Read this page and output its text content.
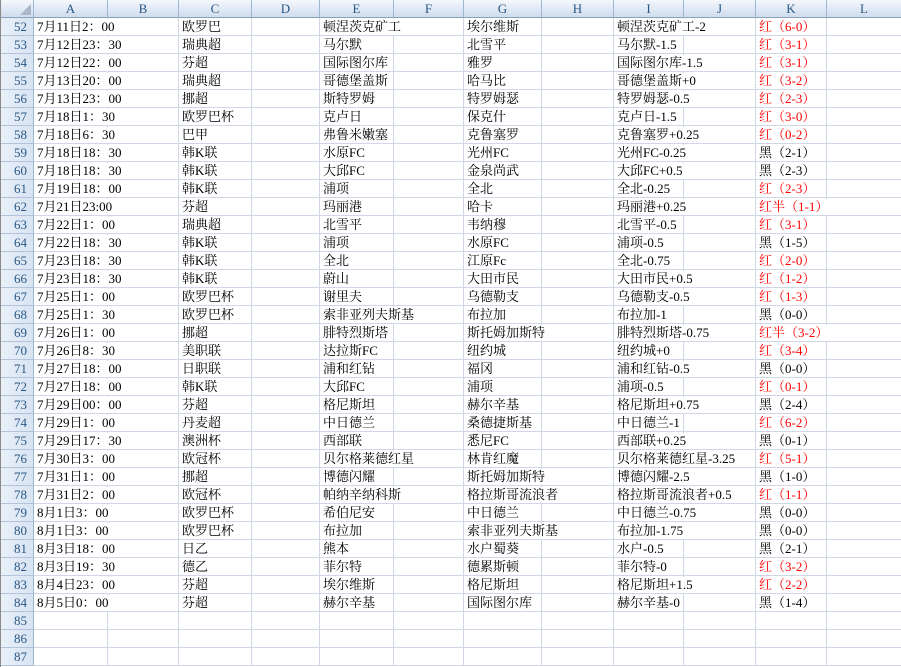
	A	B	C	D	E	F	G	H	I	J	K	L
52	7月11日2：00		欧罗巴		顿涅茨克矿工		埃尔维斯		顿涅茨克矿工-2		红（6-0）	

53	7月12日23：30		瑞典超		马尔默		北雪平		马尔默-1.5		红（3-1）	

54	7月12日22：00		芬超		国际图尔库		雅罗		国际图尔库-1.5		红（3-1）	

55	7月13日20：00		瑞典超		哥德堡盖斯		哈马比		哥德堡盖斯+0		红（3-2）	

56	7月13日23：00		挪超		斯特罗姆		特罗姆瑟		特罗姆瑟-0.5		红（2-3）	

57	7月18日1：30		欧罗巴杯		克卢日		保克什		克卢日-1.5		红（3-0）	

58	7月18日6：30		巴甲		弗鲁米嫩塞		克鲁塞罗		克鲁塞罗+0.25		红（0-2）	

59	7月18日18：30		韩K联		水原FC		光州FC		光州FC-0.25		黑（2-1）	

60	7月18日18：30		韩K联		大邱FC		金泉尚武		大邱FC+0.5		黑（2-3）	

61	7月19日18：00		韩K联		浦项		全北		全北-0.25		红（2-3）	

62	7月21日23:00		芬超		玛丽港		哈卡		玛丽港+0.25		红半（1-1）	

63	7月22日1：00		瑞典超		北雪平		韦纳穆		北雪平-0.5		红（3-1）	

64	7月22日18：30		韩K联		浦项		水原FC		浦项-0.5		黑（1-5）	

65	7月23日18：30		韩K联		全北		江原Fc		全北-0.75		红（2-0）	

66	7月23日18：30		韩K联		蔚山		大田市民		大田市民+0.5		红（1-2）	

67	7月25日1：00		欧罗巴杯		谢里夫		乌德勒支		乌德勒支-0.5		红（1-3）	

68	7月25日1：30		欧罗巴杯		索非亚列夫斯基		布拉加		布拉加-1		黑（0-0）	

69	7月26日1：00		挪超		腓特烈斯塔		斯托姆加斯特		腓特烈斯塔-0.75		红半（3-2）	

70	7月26日8：30		美职联		达拉斯FC		纽约城		纽约城+0		红（3-4）	

71	7月27日18：00		日职联		浦和红钻		福冈		浦和红钻-0.5		黑（0-0）	

72	7月27日18：00		韩K联		大邱FC		浦项		浦项-0.5		红（0-1）	

73	7月29日00：00		芬超		格尼斯坦		赫尔辛基		格尼斯坦+0.75		黑（2-4）	

74	7月29日1：00		丹麦超		中日德兰		桑德捷斯基		中日德兰-1		红（6-2）	

75	7月29日17：30		澳洲杯		西部联		悉尼FC		西部联+0.25		黑（0-1）	

76	7月30日3：00		欧冠杯		贝尔格莱德红星		林肯红魔		贝尔格莱德红星-3.25		红（5-1）	

77	7月31日1：00		挪超		博德闪耀		斯托姆加斯特		博德闪耀-2.5		黑（1-0）	

78	7月31日2：00		欧冠杯		帕纳辛纳科斯		格拉斯哥流浪者		格拉斯哥流浪者+0.5		红（1-1）	

79	8月1日3：00		欧罗巴杯		希伯尼安		中日德兰		中日德兰-0.75		黑（0-0）	

80	8月1日3：00		欧罗巴杯		布拉加		索非亚列夫斯基		布拉加-1.75		黑（0-0）	

81	8月3日18：00		日乙		熊本		水户蜀葵		水户-0.5		黑（2-1）	

82	8月3日19：30		德乙		菲尔特		德累斯顿		菲尔特-0		红（3-2）	

83	8月4日23：00		芬超		埃尔维斯		格尼斯坦		格尼斯坦+1.5		红（2-2）	

84	8月5日0：00		芬超		赫尔辛基		国际图尔库		赫尔辛基-0		黑（1-4）	

85												
86												
87												
